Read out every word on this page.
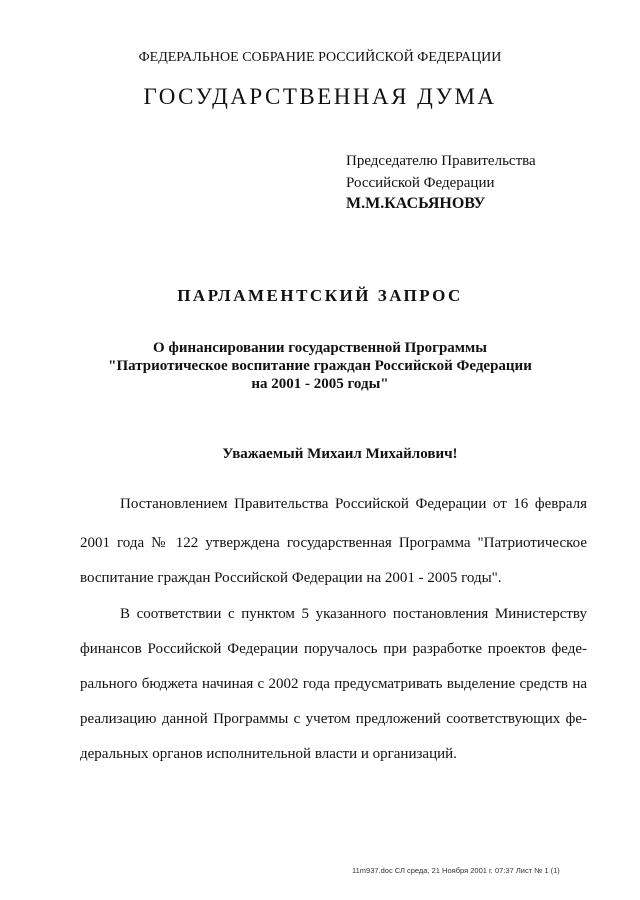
ФЕДЕРАЛЬНОЕ СОБРАНИЕ РОССИЙСКОЙ ФЕДЕРАЦИИ
ГОСУДАРСТВЕННАЯ ДУМА
Председателю Правительства
Российской Федерации
М.М.КАСЬЯНОВУ
ПАРЛАМЕНТСКИЙ ЗАПРОС
О финансировании государственной Программы
"Патриотическое воспитание граждан Российской Федерации
на 2001 - 2005 годы"
Уважаемый Михаил Михайлович!
Постановлением Правительства Российской Федерации от 16 февраля
2001 года № 122 утверждена государственная Программа "Патриотическое
воспитание граждан Российской Федерации на 2001 - 2005 годы".
В соответствии с пунктом 5 указанного постановления Министерству
финансов Российской Федерации поручалось при разработке проектов феде-
рального бюджета начиная с 2002 года предусматривать выделение средств на
реализацию данной Программы с учетом предложений соответствующих фе-
деральных органов исполнительной власти и организаций.
11m937.doc СЛ среда, 21 Ноября 2001 г. 07:37 Лист № 1 (1)
